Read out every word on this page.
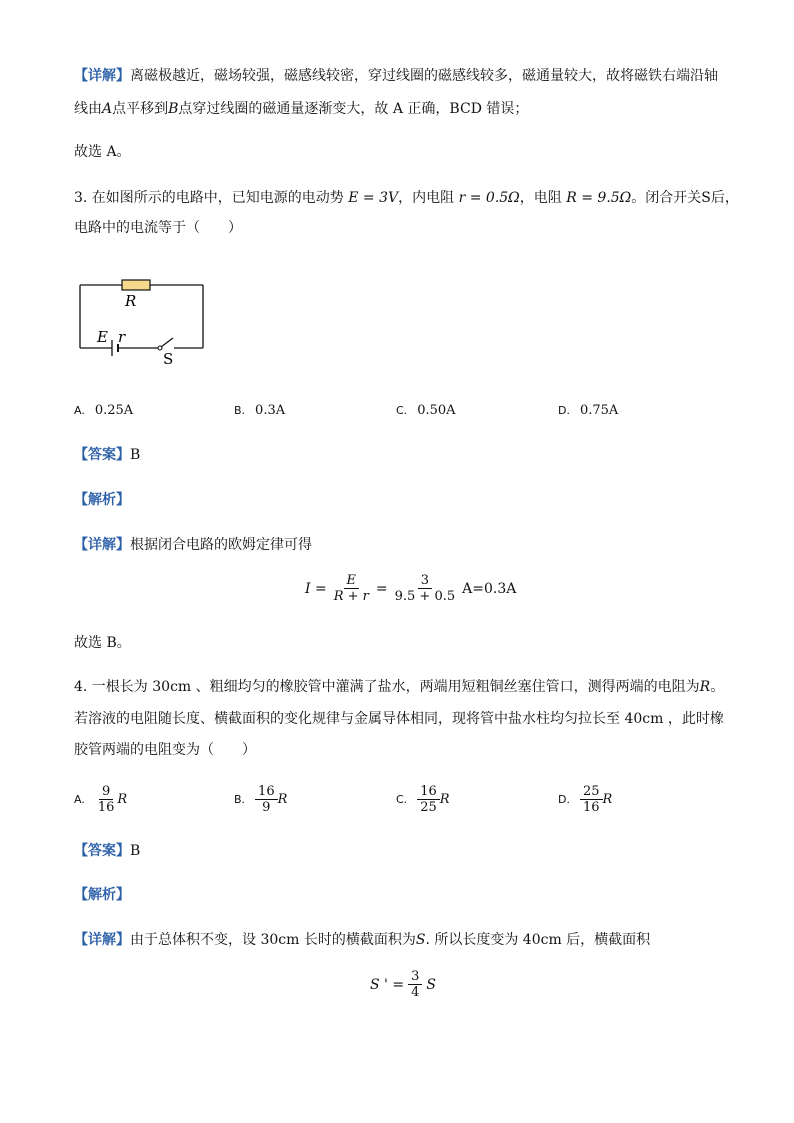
【详解】离磁极越近，磁场较强，磁感线较密，穿过线圈的磁感线较多，磁通量较大，故将磁铁右端沿轴
线由A点平移到B点穿过线圈的磁通量逐渐变大，故 A 正确，BCD 错误；
故选 A。
3. 在如图所示的电路中，已知电源的电动势 E = 3V，内电阻 r = 0.5Ω，电阻 R = 9.5Ω。闭合开关S后，
电路中的电流等于（　　）
R
E r
S
A. 0.25A	B. 0.3A	C. 0.50A	D. 0.75A
【答案】B
【解析】
【详解】根据闭合电路的欧姆定律可得
$I = \frac{E}{R + r} = \frac{3}{9.5 + 0.5} A=0.3A$
故选 B。
4. 一根长为 30cm 、粗细均匀的橡胶管中灌满了盐水，两端用短粗铜丝塞住管口，测得两端的电阻为R。
若溶液的电阻随长度、横截面积的变化规律与金属导体相同，现将管中盐水柱均匀拉长至 40cm ，此时橡
胶管两端的电阻变为（　　）
A. $\frac{9}{16}$ R	B. $\frac{16}{9}$ R	C. $\frac{16}{25}$ R	D. $\frac{25}{16}$ R
【答案】B
【解析】
【详解】由于总体积不变，设 30cm 长时的横截面积为S. 所以长度变为 40cm 后，横截面积
S ' = $\frac{3}{4}$ S
